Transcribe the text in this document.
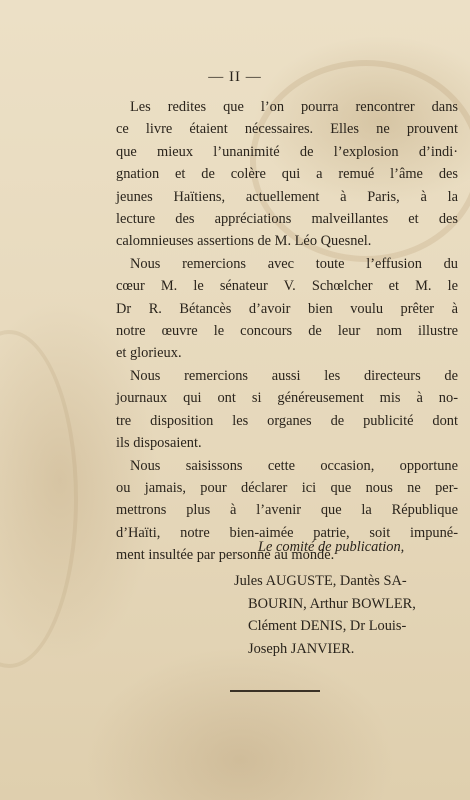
— II —

Les redites que l’on pourra rencontrer dans
ce livre étaient nécessaires. Elles ne prouvent
que mieux l’unanimité de l’explosion d’indi·
gnation et de colère qui a remué l’âme des
jeunes Haïtiens, actuellement à Paris, à la
lecture des appréciations malveillantes et des
calomnieuses assertions de M. Léo Quesnel.

Nous remercions avec toute l’effusion du
cœur M. le sénateur V. Schœlcher et M. le
Dr R. Bétancès d’avoir bien voulu prêter à
notre œuvre le concours de leur nom illustre
et glorieux.

Nous remercions aussi les directeurs de
journaux qui ont si généreusement mis à no-
tre disposition les organes de publicité dont
ils disposaient.

Nous saisissons cette occasion, opportune
ou jamais, pour déclarer ici que nous ne per-
mettrons plus à l’avenir que la République
d’Haïti, notre bien-aimée patrie, soit impuné-
ment insultée par personne au monde.

Le comité de publication,
Jules AUGUSTE, Dantès SA-
BOURIN, Arthur BOWLER,
Clément DENIS, Dr Louis-
Joseph JANVIER.
